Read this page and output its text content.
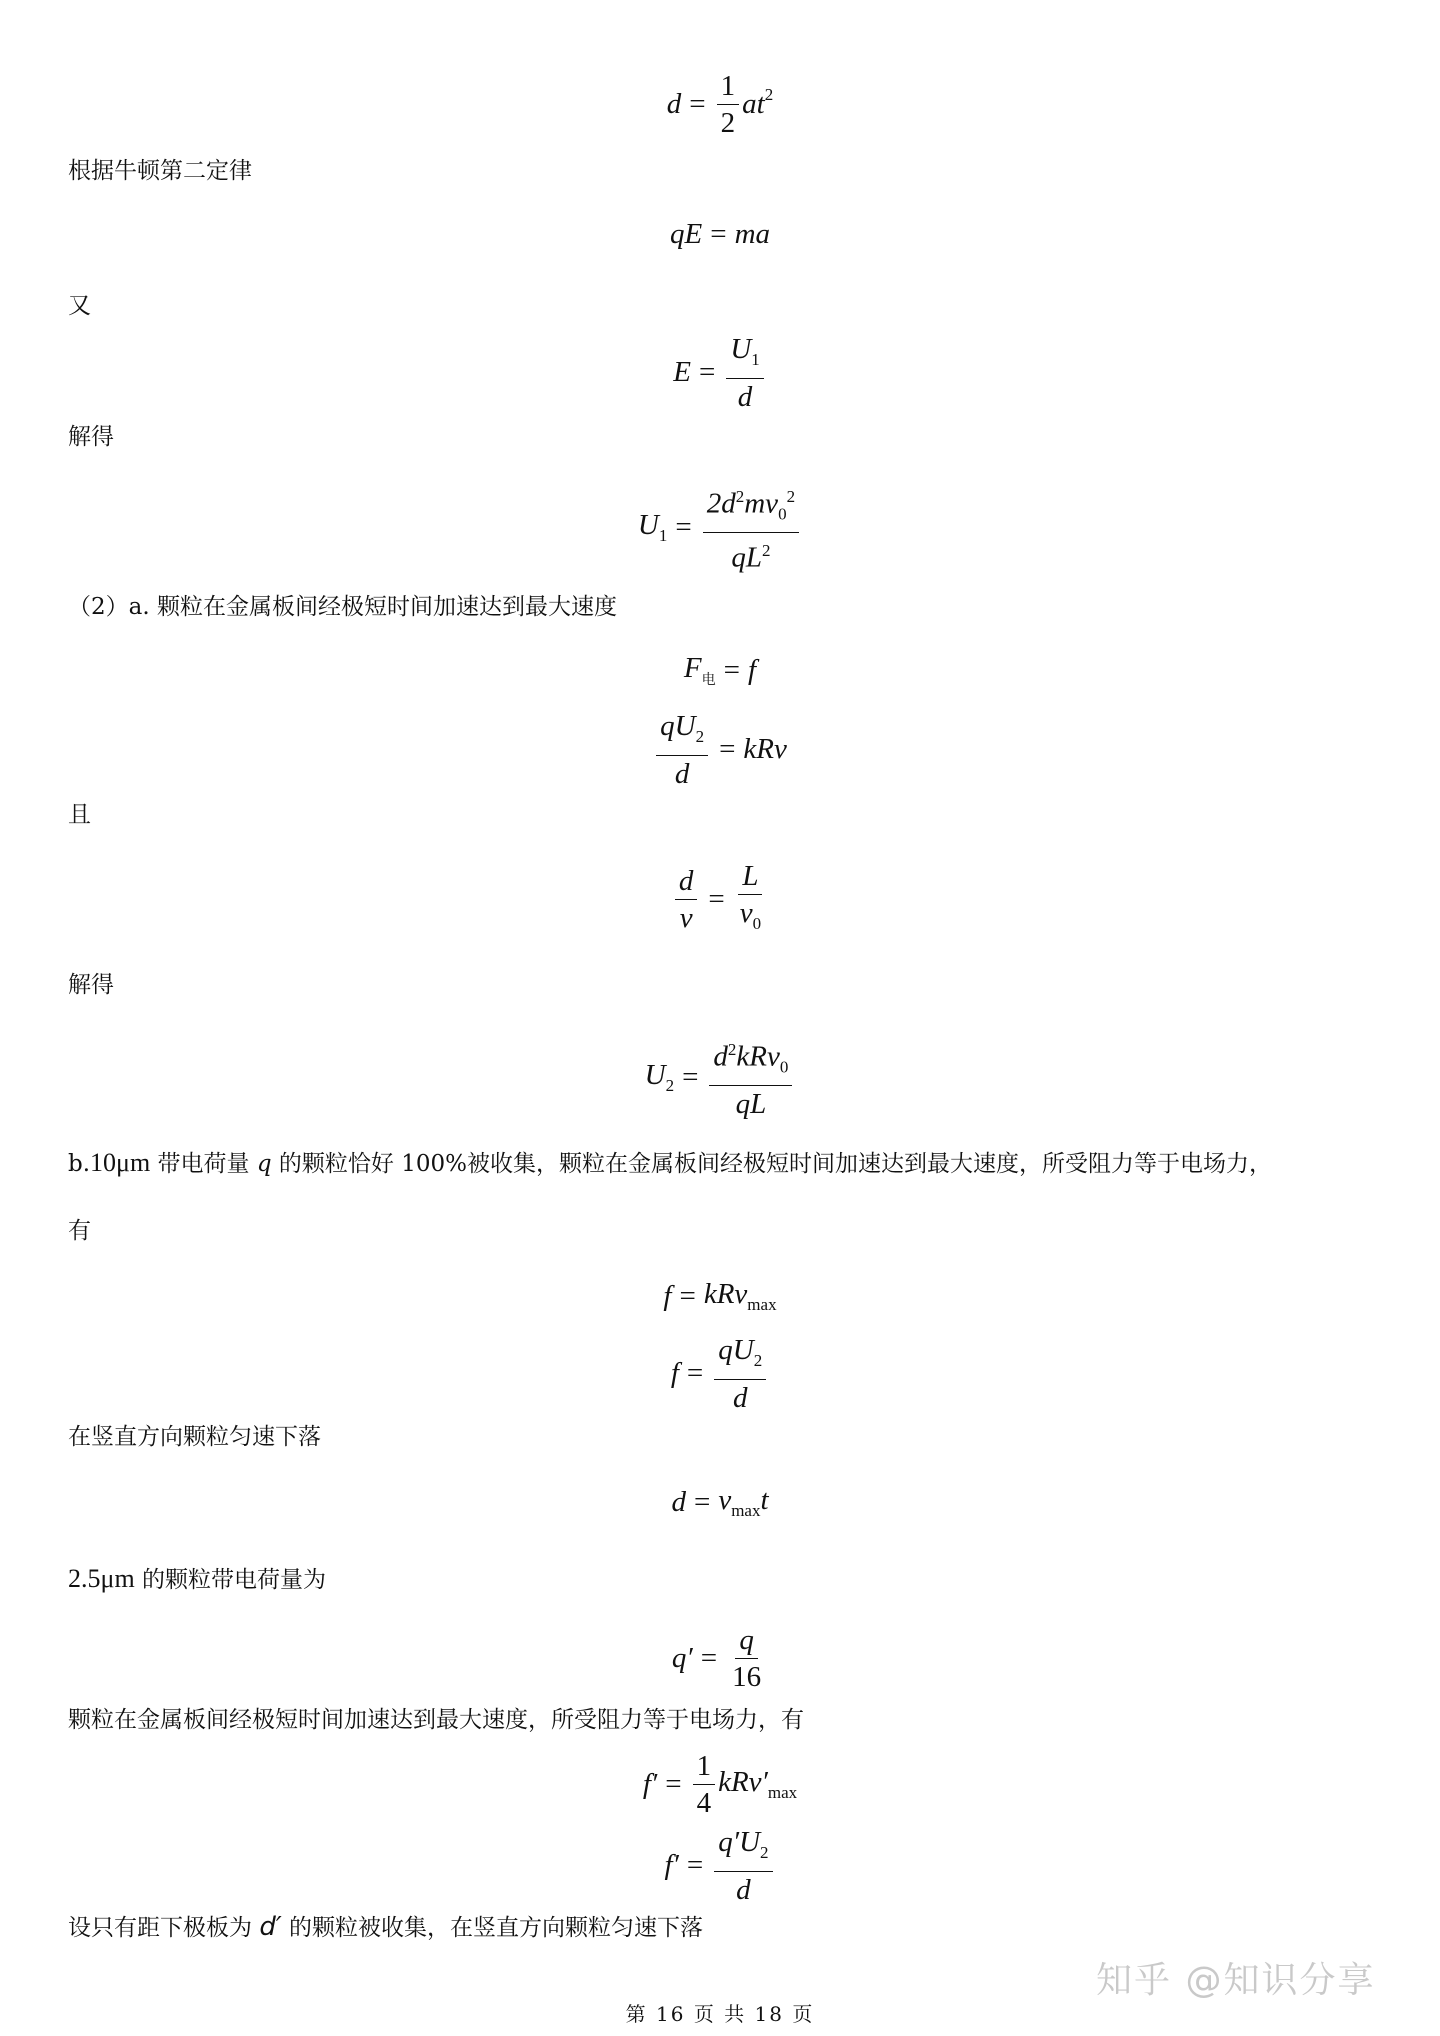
$d = \frac{1}{2} at^2$
根据牛顿第二定律
qE = ma
又
$E = \frac{U_1}{d}$
解得
$U_1 = \frac{2d^2mv_0^2}{qL^2}$
（2）a. 颗粒在金属板间经极短时间加速达到最大速度
$F_电 = f$
$\frac{qU_2}{d}$ = kRv
且
$\frac{d}{v} = \frac{L}{v_0}$
解得
$U_2 = \frac{d^2kRv_0}{qL}$
b.10μm 带电荷量 q 的颗粒恰好 100%被收集，颗粒在金属板间经极短时间加速达到最大速度，所受阻力等于电场力，
有
f = kRv$_{max}$
$f = \frac{qU_2}{d}$
在竖直方向颗粒匀速下落
$d = v_{max}t$
2.5μm 的颗粒带电荷量为
$q' = \frac{q}{16}$
颗粒在金属板间经极短时间加速达到最大速度，所受阻力等于电场力，有
$f' = \frac{1}{4} kRv'_{max}$
$f' = \frac{q'U_2}{d}$
设只有距下极板为 d′ 的颗粒被收集，在竖直方向颗粒匀速下落
知乎 @知识分享
第 16 页 共 18 页
